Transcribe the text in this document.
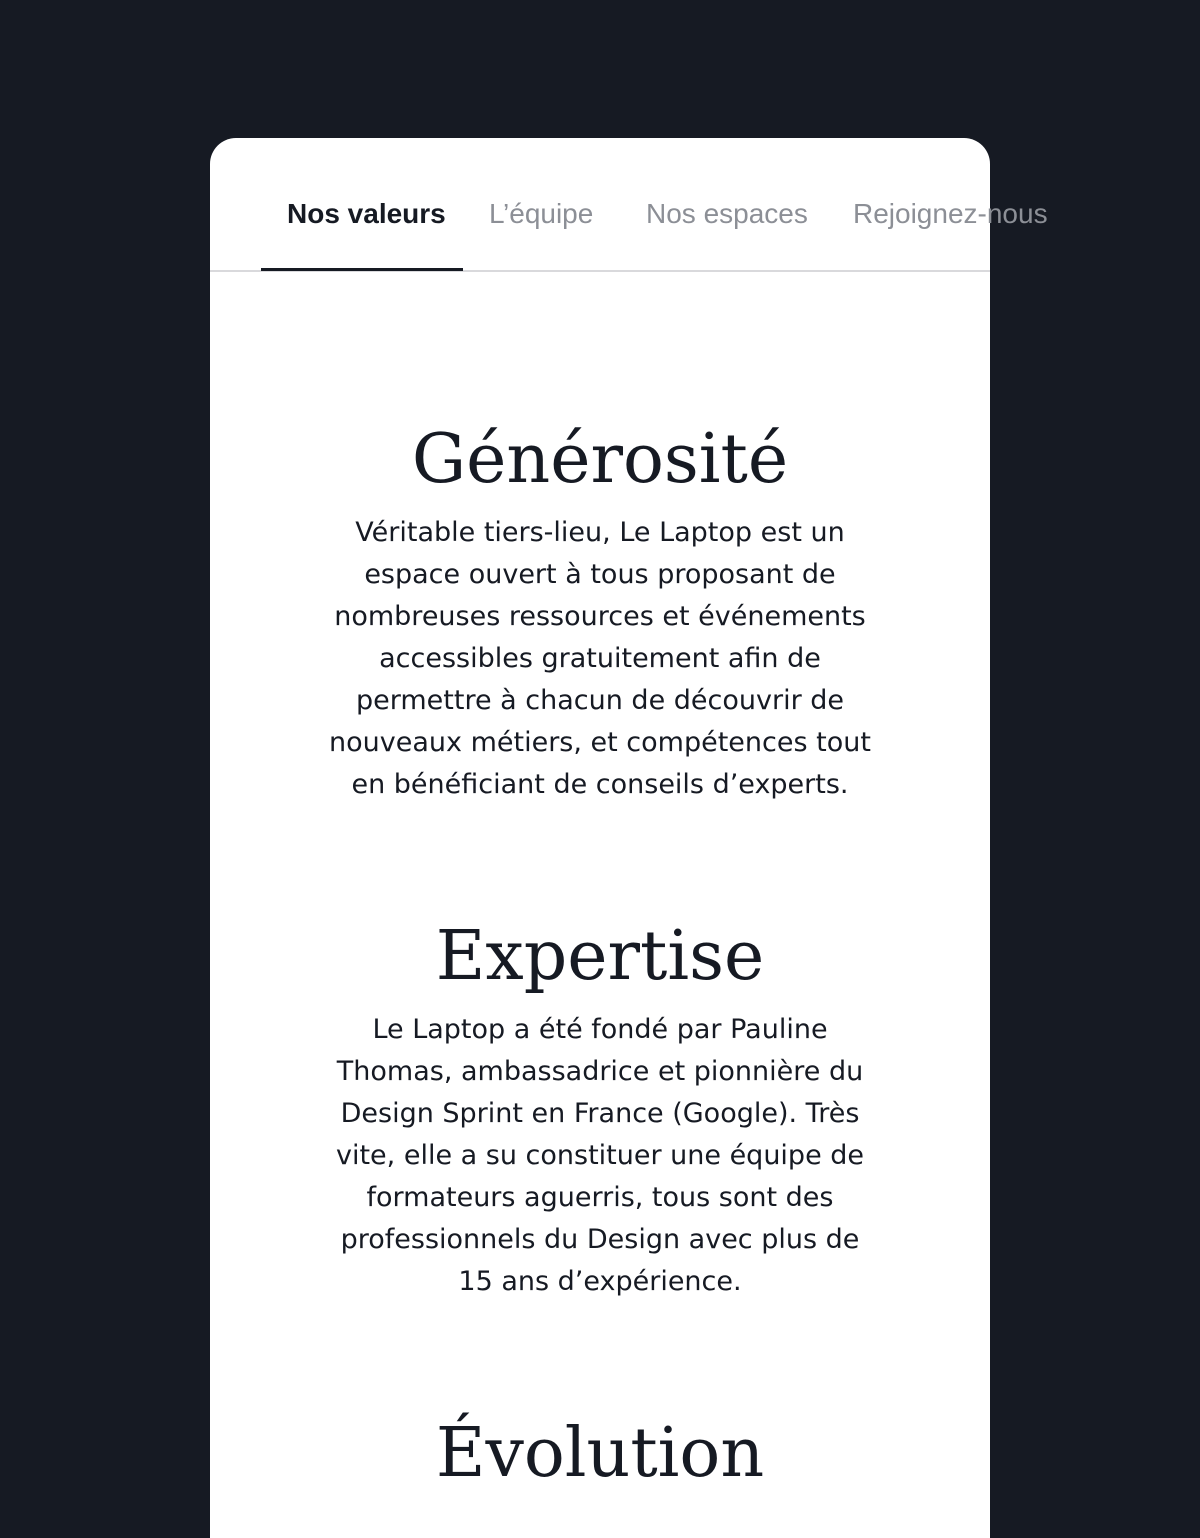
Nos valeurs L’équipe Nos espaces Rejoignez-nous
Générosité

Véritable tiers-lieu, Le Laptop est un espace ouvert à tous proposant de nombreuses ressources et événements accessibles gratuitement afin de permettre à chacun de découvrir de nouveaux métiers, et compétences tout en bénéficiant de conseils d’experts.

Expertise

Le Laptop a été fondé par Pauline Thomas, ambassadrice et pionnière du Design Sprint en France (Google). Très vite, elle a su constituer une équipe de formateurs aguerris, tous sont des professionnels du Design avec plus de 15 ans d’expérience.

Évolution
